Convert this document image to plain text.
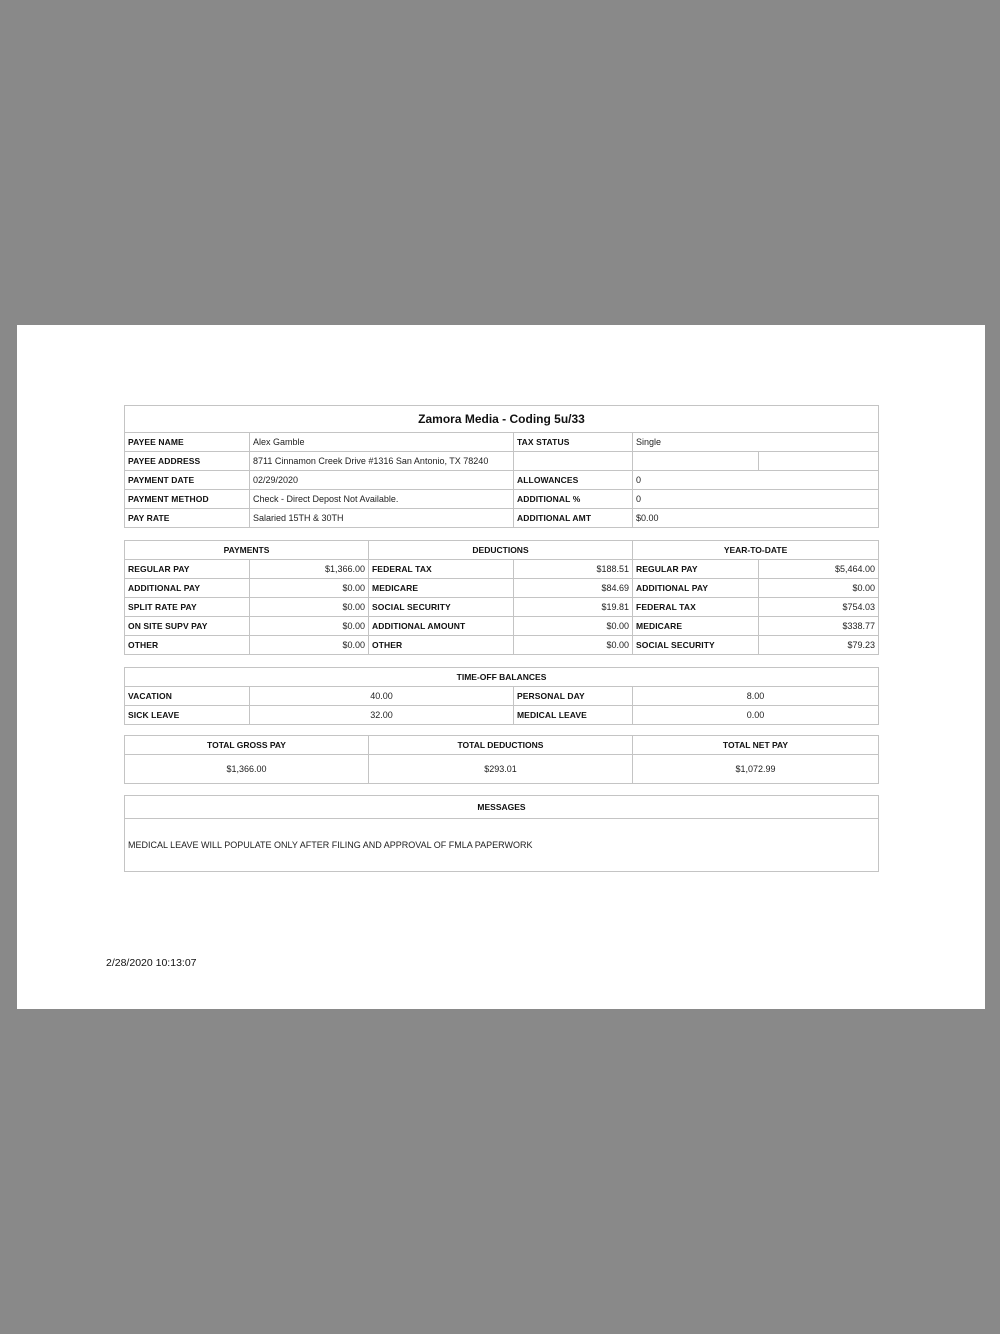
Zamora Media - Coding 5u/33				
PAYEE NAME	Alex Gamble	TAX STATUS	Single	
PAYEE ADDRESS	8711 Cinnamon Creek Drive #1316 San Antonio, TX 78240			
PAYMENT DATE	02/29/2020	ALLOWANCES	0	
PAYMENT METHOD	Check - Direct Depost Not Available.	ADDITIONAL %	0	
PAY RATE	Salaried 15TH & 30TH	ADDITIONAL AMT	$0.00	
PAYMENTS		DEDUCTIONS		YEAR-TO-DATE	
REGULAR PAY	$1,366.00	FEDERAL TAX	$188.51	REGULAR PAY	$5,464.00
ADDITIONAL PAY	$0.00	MEDICARE	$84.69	ADDITIONAL PAY	$0.00
SPLIT RATE PAY	$0.00	SOCIAL SECURITY	$19.81	FEDERAL TAX	$754.03
ON SITE SUPV PAY	$0.00	ADDITIONAL AMOUNT	$0.00	MEDICARE	$338.77
OTHER	$0.00	OTHER	$0.00	SOCIAL SECURITY	$79.23
TIME-OFF BALANCES			
VACATION	40.00	PERSONAL DAY	8.00
SICK LEAVE	32.00	MEDICAL LEAVE	0.00
TOTAL GROSS PAY	TOTAL DEDUCTIONS	TOTAL NET PAY
$1,366.00	$293.01	$1,072.99
MESSAGES
MEDICAL LEAVE WILL POPULATE ONLY AFTER FILING AND APPROVAL OF FMLA PAPERWORK
2/28/2020 10:13:07
